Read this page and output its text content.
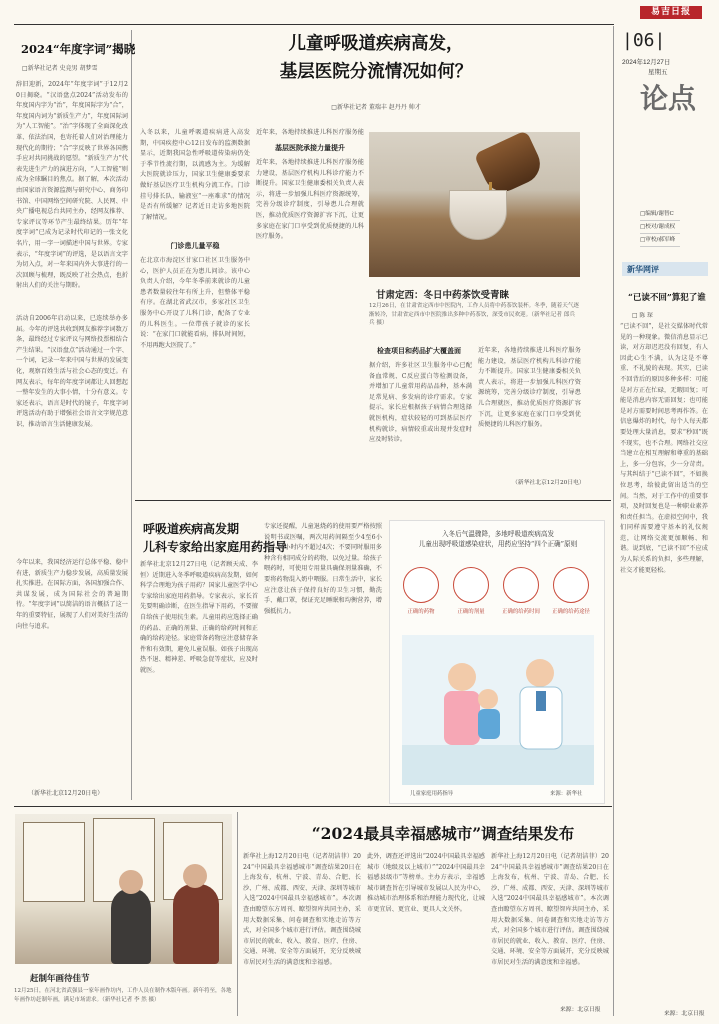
易吉日报
|06|
2024年12月27日
星期五
论点
□编辑/谢智C
□校对/谢成权
□审校/郝军峰
2024“年度字词”揭晓
□新华社记者 史竞男 胡梦雪
辞旧迎新，2024年“年度字词”于12月20日揭晓。“汉语盘点2024”活动发布的年度国内字为“治”，年度国际字为“合”，年度国内词为“新质生产力”，年度国际词为“人工智能”。“治”字体现了全面深化改革、依法治国，也寄托着人们对治理能力现代化的期待；“合”字反映了世界各国携手应对共同挑战的愿望。“新质生产力”代表先进生产力的演进方向，“人工智能”则成为全球瞩目的焦点。据了解，本次活动由国家语言资源监测与研究中心、商务印书馆、中国网络空间研究院、人民网、中央广播电视总台共同主办，经网友推荐、专家评议等环节产生最终结果。历年“年度字词”已成为记录时代印记的一张文化名片，用一字一词描述中国与世界。专家表示，“年度字词”的评选，是以语言文字为切入点，对一年来国内外大事进行的一次回顾与梳理，既反映了社会热点，也折射出人们的关注与期盼。
活动自2006年启动以来，已连续举办多届。今年的评选共收到网友推荐字词数万条，最终经过专家评议与网络投票相结合产生结果。“汉语盘点”活动通过一个字、一个词，记录一年来中国与世界的发展变化，观察百姓生活与社会心态的变迁。有网友表示，每年的年度字词都让人回想起一整年发生的大事小情，十分有意义。专家还表示，语言是时代的镜子，年度字词评选活动有助于增强社会语言文字规范意识，推动语言生活健康发展。
今年以来，我国经济运行总体平稳、稳中有进，新质生产力稳步发展，高质量发展扎实推进。在国际方面，各国加强合作、共谋发展，成为国际社会的普遍期待。“年度字词”以简洁的语言概括了这一年的重要特征，展现了人们对美好生活的向往与追求。
（新华社北京12月20日电）
儿童呼吸道疾病高发，
基层医院分流情况如何？
□新华社记者 董瑞丰 赵丹丹 帅才
入冬以来，儿童呼吸道疾病进入高发期，中国疾控中心12日发布的监测数据显示，近期我国急性呼吸道传染病仍处于季节性流行期，以流感为主。为缓解大医院就诊压力，国家卫生健康委要求做好基层医疗卫生机构分流工作。门诊挂号排长队、输液室“一座难求”的情况是否有所缓解？记者近日走访多地医院了解情况。
门诊患儿量平稳
在北京市海淀区甘家口社区卫生服务中心，医护人员正在为患儿问诊。该中心负责人介绍，今年冬季前来就诊的儿童患者数量较往年有所上升，但整体平稳有序。在湖北省武汉市，多家社区卫生服务中心开设了儿科门诊，配备了专业的儿科医生。一位带孩子就诊的家长说：“在家门口就能看病，排队时间短，不用再跑大医院了。”
近年来，各地持续推进儿科医疗服务能
基层医院承接力量提升
近年来，各地持续推进儿科医疗服务能力建设，基层医疗机构儿科诊疗能力不断提升。国家卫生健康委相关负责人表示，将进一步加强儿科医疗资源统筹，完善分级诊疗制度，引导患儿合理就医，推动优质医疗资源扩容下沉，让更多家庭在家门口享受到优质便捷的儿科医疗服务。
甘肃定西：冬日中药茶饮受青睐
12月26日，在甘肃省定西市中医院内，工作人员将中药茶饮装杯。冬季，随着天气逐渐转冷，甘肃省定西市中医院推出多种中药茶饮，深受市民欢迎。（新华社记者 郎兵兵 摄）
检查项目和药品扩大覆盖面
据介绍，许多社区卫生服务中心已配备血常规、C反应蛋白等检测设备，并增加了儿童常用药品品种，基本满足常见病、多发病的诊疗需求。专家提示，家长应根据孩子病情合理选择就医机构，症状较轻的可到基层医疗机构就诊，病情较重或出现并发症时应及时转诊。
近年来，各地持续推进儿科医疗服务能力建设，基层医疗机构儿科诊疗能力不断提升。国家卫生健康委相关负责人表示，将进一步加强儿科医疗资源统筹，完善分级诊疗制度，引导患儿合理就医，推动优质医疗资源扩容下沉，让更多家庭在家门口享受到优质便捷的儿科医疗服务。
（新华社北京12月20日电）
新华网评
“已读不回”算犯了谁
□ 陈 琛
“已读不回”，是社交媒体时代常见的一种现象。微信消息显示已读，对方却迟迟没有回复，有人因此心生不满，认为这是不尊重、不礼貌的表现。其实，已读不回背后的原因多种多样：可能是对方正在忙碌，无暇回复；可能是消息内容无需回复；也可能是对方需要时间思考再作答。在信息爆炸的时代，每个人每天都要处理大量消息，要求“秒回”既不现实，也不合理。网络社交应当建立在相互理解和尊重的基础上，多一分包容，少一分苛责。与其纠结于“已读不回”，不如换位思考，给彼此留出适当的空间。当然，对于工作中的重要事项，及时回复也是一种职业素养和责任担当。在虚拟空间中，我们同样需要遵守基本的礼仪规范，让网络交流更加顺畅、和谐。说到底，“已读不回”不应成为人际关系的负担，多些理解，社交才能更轻松。
来源：北京日报
呼吸道疾病高发期
儿科专家给出家庭用药指导
新华社北京12月27日电（记者顾天成、李恒）近期进入冬季呼吸道疾病高发期，如何科学合理地为孩子用药？国家儿童医学中心专家给出家庭用药指导。专家表示，家长首先要明确诊断，在医生指导下用药，不要擅自给孩子使用抗生素。儿童用药应选择正确的药品、正确的剂量、正确的给药时间和正确的给药途径。家庭常备药物应注意储存条件和有效期，避免儿童误服。如孩子出现高热不退、精神差、呼吸急促等症状，应及时就医。
专家还提醒，儿童退烧药的使用要严格按照说明书或医嘱，两次用药间隔至少4至6小时，24小时内不超过4次；不要同时服用多种含有相同成分的药物，以免过量。给孩子喂药时，可使用专用量具确保剂量准确，不要将药物混入奶中喂服。日常生活中，家长应注意让孩子保持良好的卫生习惯，勤洗手、戴口罩，保证充足睡眠和均衡营养，增强抵抗力。
入冬后气温骤降，多地呼吸道疾病高发
儿童出现呼吸道感染症状，用药应坚持“四个正确”原则
正确的药物	正确的剂量	正确的给药时间 正确的给药途径
儿童家庭用药指导	来源：新华社
赶制年画待佳节
12月25日，在河北省武强县一家年画作坊内，工作人员在制作木版年画。新年将至，各地年画作坊赶制年画，满足市场需求。（新华社记者 李 然 摄）
“2024最具幸福感城市”调查结果发布
新华社上海12月20日电（记者胡洁菲）2024“中国最具幸福感城市”调查结果20日在上海发布，杭州、宁波、青岛、合肥、长沙、广州、成都、西安、天津、深圳等城市入选“2024中国最具幸福感城市”。本次调查由瞭望东方周刊、瞭望智库共同主办，采用大数据采集、问卷调查和实地走访等方式，对全国多个城市进行评估。调查围绕城市居民的就业、收入、教育、医疗、住房、交通、环境、安全等方面展开，充分反映城市居民对生活的满意度和幸福感。
此外，调查还评选出“2024中国最具幸福感城市（地级及以上城市）”“2024中国最具幸福感县级市”等榜单。主办方表示，幸福感城市调查旨在引导城市发展以人民为中心，推动城市治理体系和治理能力现代化，让城市更宜居、更宜业、更具人文关怀。
新华社上海12月20日电（记者胡洁菲）2024“中国最具幸福感城市”调查结果20日在上海发布，杭州、宁波、青岛、合肥、长沙、广州、成都、西安、天津、深圳等城市入选“2024中国最具幸福感城市”。本次调查由瞭望东方周刊、瞭望智库共同主办，采用大数据采集、问卷调查和实地走访等方式，对全国多个城市进行评估。调查围绕城市居民的就业、收入、教育、医疗、住房、交通、环境、安全等方面展开，充分反映城市居民对生活的满意度和幸福感。
来源：北京日报
